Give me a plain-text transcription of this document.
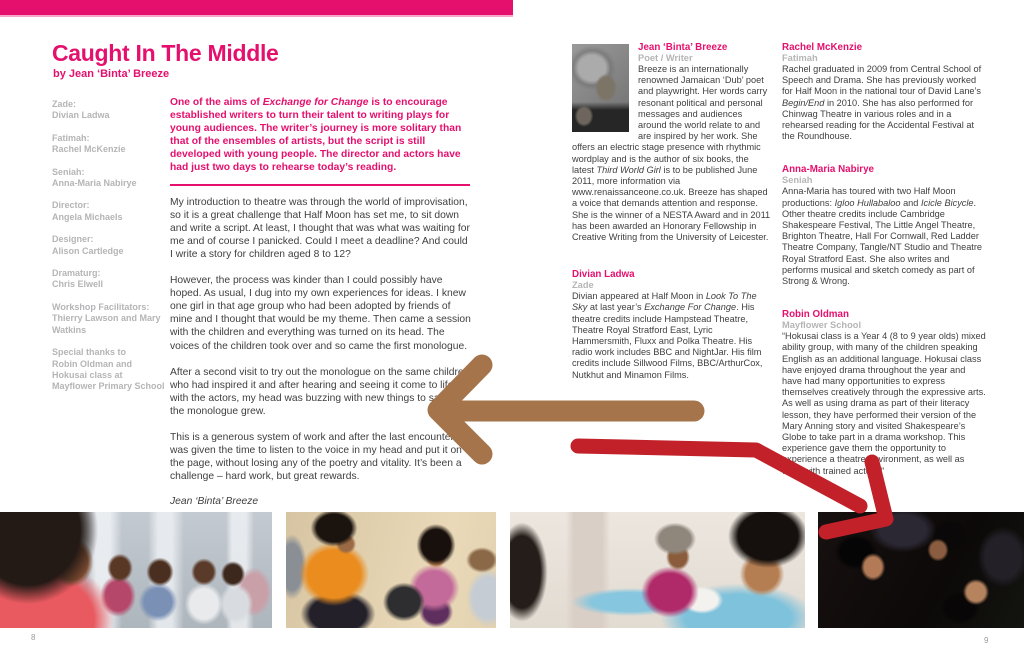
Caught In The Middle
by Jean ‘Binta’ Breeze
Zade:
Divian Ladwa
Fatimah:
Rachel McKenzie
Seniah:
Anna-Maria Nabirye
Director:
Angela Michaels
Designer:
Alison Cartledge
Dramaturg:
Chris Elwell
Workshop Facilitators:
Thierry Lawson and Mary Watkins
Special thanks to
Robin Oldman and Hokusai class at Mayflower Primary School

One of the aims of Exchange for Change is to encourage established writers to turn their talent to writing plays for young audiences. The writer’s journey is more solitary than that of the ensembles of artists, but the script is still developed with young people. The director and actors have had just two days to rehearse today’s reading.

My introduction to theatre was through the world of improvisation, so it is a great challenge that Half Moon has set me, to sit down and write a script. At least, I thought that was what was waiting for me and of course I panicked. Could I meet a deadline? And could I write a story for children aged 8 to 12?

However, the process was kinder than I could possibly have hoped. As usual, I dug into my own experiences for ideas. I knew one girl in that age group who had been adopted by friends of mine and I thought that would be my theme. Then came a session with the children and everything was turned on its head. The voices of the children took over and so came the first monologue.

After a second visit to try out the monologue on the same children who had inspired it and after hearing and seeing it come to life with the actors, my head was buzzing with new things to say as the monologue grew.

This is a generous system of work and after the last encounter I was given the time to listen to the voice in my head and put it on the page, without losing any of the poetry and vitality. It’s been a challenge – hard work, but great rewards.

Jean ‘Binta’ Breeze
Jean ‘Binta’ Breeze
Poet / Writer
Breeze is an internationally renowned Jamaican ‘Dub’ poet and playwright. Her words carry resonant political and personal messages and audiences around the world relate to and are inspired by her work. She offers an electric stage presence with rhythmic wordplay and is the author of six books, the latest Third World Girl is to be published June 2011, more information via www.renaissanceone.co.uk. Breeze has shaped a voice that demands attention and response. She is the winner of a NESTA Award and in 2011 has been awarded an Honorary Fellowship in Creative Writing from the University of Leicester.
Divian Ladwa
Zade
Divian appeared at Half Moon in Look To The Sky at last year’s Exchange For Change. His theatre credits include Hampstead Theatre, Theatre Royal Stratford East, Lyric Hammersmith, Fluxx and Polka Theatre. His radio work includes BBC and NightJar. His film credits include Sillwood Films, BBC/ArthurCox, Nutkhut and Minamon Films.
Rachel McKenzie
Fatimah
Rachel graduated in 2009 from Central School of Speech and Drama. She has previously worked for Half Moon in the national tour of David Lane’s Begin/End in 2010. She has also performed for Chinwag Theatre in various roles and in a rehearsed reading for the Accidental Festival at the Roundhouse.
Anna-Maria Nabirye
Seniah
Anna-Maria has toured with two Half Moon productions: Igloo Hullabaloo and Icicle Bicycle. Other theatre credits include Cambridge Shakespeare Festival, The Little Angel Theatre, Brighton Theatre, Hall For Cornwall, Red Ladder Theatre Company, Tangle/NT Studio and Theatre Royal Stratford East. She also writes and performs musical and sketch comedy as part of Strong & Wrong.
Robin Oldman
Mayflower School
“Hokusai class is a Year 4 (8 to 9 year olds) mixed ability group, with many of the children speaking English as an additional language. Hokusai class have enjoyed drama throughout the year and have had many opportunities to express themselves creatively through the expressive arts. As well as using drama as part of their literacy lesson, they have performed their version of the Mary Anning story and visited Shakespeare’s Globe to take part in a drama workshop. This experience gave them the opportunity to experience a theatre environment, as well as work with trained actors.”
8	9
